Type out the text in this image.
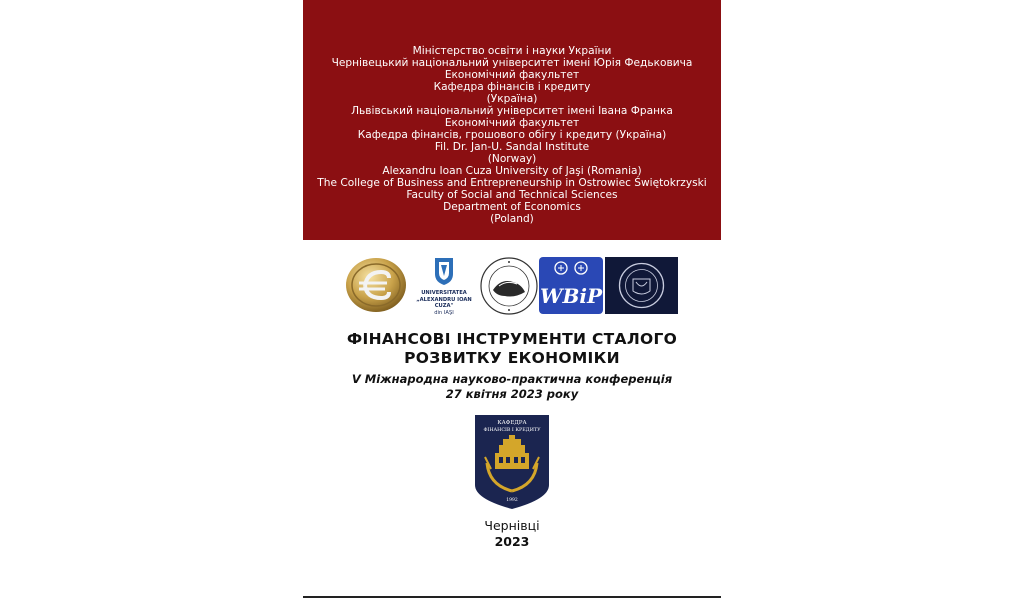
Міністерство освіти і науки України
Чернівецький національний університет імені Юрія Федьковича
Економічний факультет
Кафедра фінансів і кредиту
(Україна)
Львівський національний університет імені Івана Франка
Економічний факультет
Кафедра фінансів, грошового обігу і кредиту (Україна)
Fil. Dr. Jan-U. Sandal Institute
(Norway)
Alexandru Ioan Cuza University of Jaşi (Romania)
The College of Business and Entrepreneurship in Ostrowiec Świętokrzyski
Faculty of Social and Technical Sciences
Department of Economics
(Poland)
UNIVERSITATEA
„ALEXANDRU IOAN CUZA"
din IAŞI
WBiP
ФІНАНСОВІ ІНСТРУМЕНТИ СТАЛОГО
РОЗВИТКУ ЕКОНОМІКИ
V Міжнародна науково-практична конференція
27 квітня 2023 року
КАФЕДРА
ФІНАНСІВ І КРЕДИТУ
1992
Чернівці
2023
